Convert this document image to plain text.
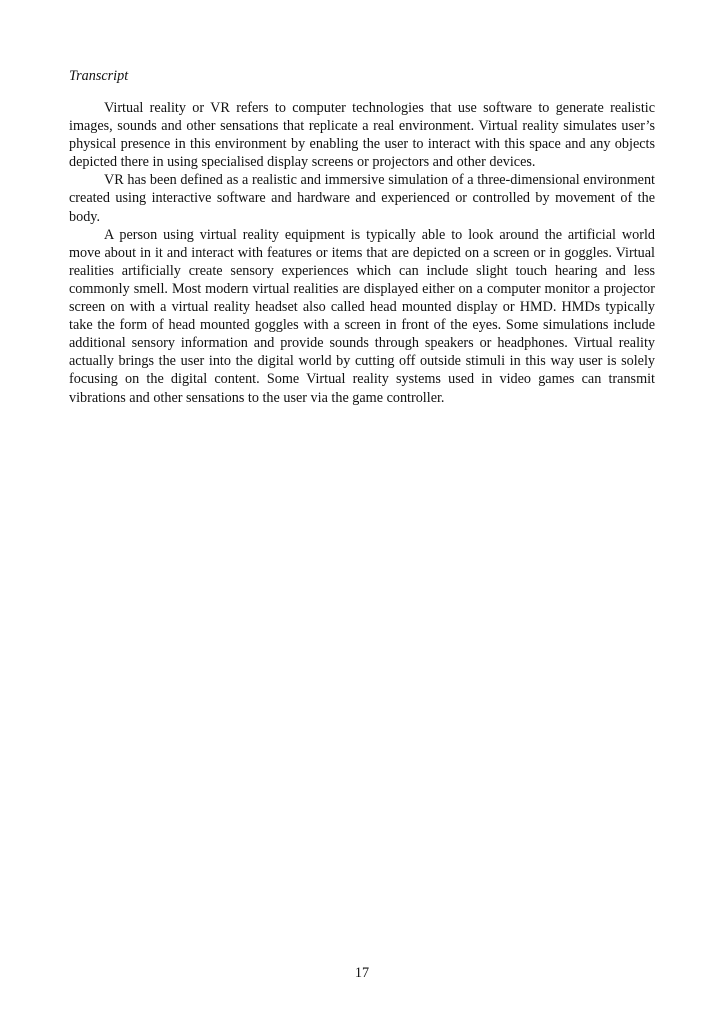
Transcript

Virtual reality or VR refers to computer technologies that use software to generate realistic images, sounds and other sensations that replicate a real environment. Virtual reality simulates user’s physical presence in this environment by enabling the user to interact with this space and any objects depicted there in using specialised display screens or projectors and other devices.

VR has been defined as a realistic and immersive simulation of a three-dimensional environment created using interactive software and hardware and experienced or controlled by movement of the body.

A person using virtual reality equipment is typically able to look around the artificial world move about in it and interact with features or items that are depicted on a screen or in goggles. Virtual realities artificially create sensory experiences which can include slight touch hearing and less commonly smell. Most modern virtual realities are displayed either on a computer monitor a projector screen on with a virtual reality headset also called head mounted display or HMD. HMDs typically take the form of head mounted goggles with a screen in front of the eyes. Some simulations include additional sensory information and provide sounds through speakers or headphones. Virtual reality actually brings the user into the digital world by cutting off outside stimuli in this way user is solely focusing on the digital content. Some Virtual reality systems used in video games can transmit vibrations and other sensations to the user via the game controller.

17
